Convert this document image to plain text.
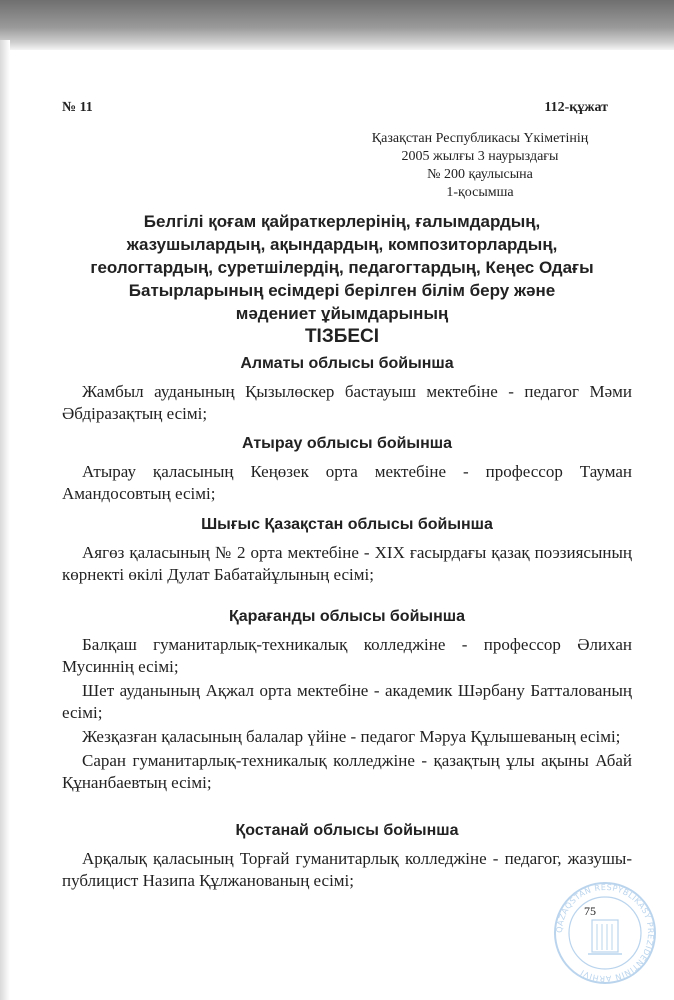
№ 11	112-құжат
Қазақстан Республикасы Үкіметінің
2005 жылғы 3 наурыздағы
№ 200 қаулысына
1-қосымша
Белгілі қоғам қайраткерлерінің, ғалымдардың,
жазушылардың, ақындардың, композиторлардың,
геологтардың, суретшілердің, педагогтардың, Кеңес Одағы
Батырларының есімдері берілген білім беру және
мәдениет ұйымдарының
ТІЗБЕСІ
Алматы облысы бойынша

Жамбыл ауданының Қызылөскер бастауыш мектебіне - педагог Мәми Әбдіразақтың есімі;

Атырау облысы бойынша

Атырау қаласының Кеңөзек орта мектебіне - профессор Тауман Амандосовтың есімі;

Шығыс Қазақстан облысы бойынша

Аягөз қаласының № 2 орта мектебіне - XIX ғасырдағы қазақ поэзиясының көрнекті өкілі Дулат Бабатайұлының есімі;

Қарағанды облысы бойынша

Балқаш гуманитарлық-техникалық колледжіне - профессор Әлихан Мусиннің есімі;

Шет ауданының Ақжал орта мектебіне - академик Шәрбану Батталованың есімі;

Жезқазған қаласының балалар үйіне - педагог Мәруа Құлышеваның есімі;

Саран гуманитарлық-техникалық колледжіне - қазақтың ұлы ақыны Абай Құнанбаевтың есімі;

Қостанай облысы бойынша

Арқалық қаласының Торғай гуманитарлық колледжіне - педагог, жазушы-публицист Назипа Құлжанованың есімі;

75
QAZAQSTAN RESPÝBLIKASY PREZIDENTINIŃ ARHIVI
